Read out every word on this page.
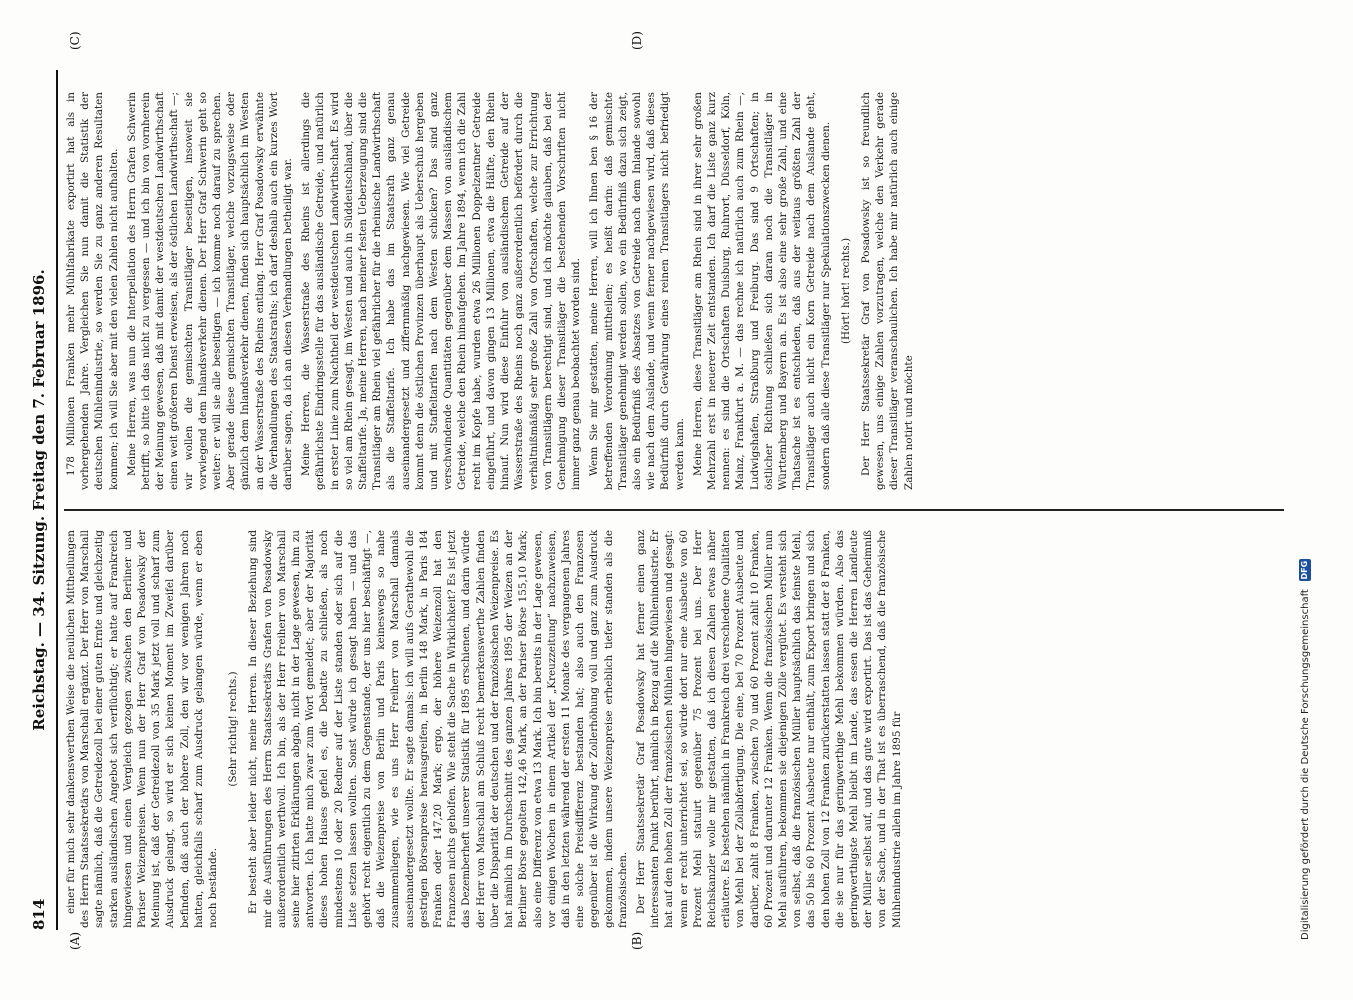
814
Reichstag. — 34. Sitzung. Freitag den 7. Februar 1896.
(A)	(B)
(C)	(D)

einer für mich sehr dankenswerthen Weise die neulichen Mittheilungen des Herrn Staatssekretärs von Marschall ergänzt. Der Herr von Marschall sagte nämlich, daß die Getreidezoll bei einer guten Ernte und gleichzeitig starken ausländischen Angebot sich verflüchtigt; er hatte auf Frankreich hingewiesen und einen Vergleich gezogen zwischen den Berliner und Pariser Weizenpreisen. Wenn nun der Herr Graf von Posadowsky der Meinung ist, daß der Getreidezoll von 35 Mark jetzt voll und scharf zum Ausdruck gelangt, so wird er sich keinen Moment im Zweifel darüber befinden, daß auch der höhere Zoll, den wir vor wenigen Jahren noch hatten, gleichfalls scharf zum Ausdruck gelangen würde, wenn er eben noch bestände.

(Sehr richtig! rechts.) Er besteht aber leider nicht, meine Herren. In dieser Beziehung sind mir die Ausführungen des Herrn Staatssekretärs Grafen von Posadowsky außerordentlich werthvoll. Ich bin, als der Herr Freiherr von Marschall seine hier zitirten Erklärungen abgab, nicht in der Lage gewesen, ihm zu antworten. Ich hatte mich zwar zum Wort gemeldet; aber der Majorität dieses hohen Hauses gefiel es, die Debatte zu schließen, als noch mindestens 10 oder 20 Redner auf der Liste standen oder sich auf die Liste setzen lassen wollten. Sonst würde ich gesagt haben — und das gehört recht eigentlich zu dem Gegenstande, der uns hier beschäftigt —, daß die Weizenpreise von Berlin und Paris keineswegs so nahe zusammenliegen, wie es uns Herr Freiherr von Marschall damals auseinandergesetzt wollte. Er sagte damals: ich will aufs Gerathewohl die gestrigen Börsenpreise herausgreifen, in Berlin 148 Mark, in Paris 184 Franken oder 147,20 Mark; ergo, der höhere Weizenzoll hat den Franzosen nichts geholfen. Wie steht die Sache in Wirklichkeit? Es ist jetzt das Dezemberheft unserer Statistik für 1895 erschienen, und darin würde der Herr von Marschall am Schluß recht bemerkenswerthe Zahlen finden über die Disparität der deutschen und der französischen Weizenpreise. Es hat nämlich im Durchschnitt des ganzen Jahres 1895 der Weizen an der Berliner Börse gegolten 142,46 Mark, an der Pariser Börse 155,10 Mark; also eine Differenz von etwa 13 Mark. Ich bin bereits in der Lage gewesen, vor einigen Wochen in einem Artikel der „Kreuzzeitung“ nachzuweisen, daß in den letzten während der ersten 11 Monate des vergangenen Jahres eine solche Preisdifferenz bestanden hat; also auch den Franzosen gegenüber ist die Wirkung der Zollerhöhung voll und ganz zum Ausdruck gekommen, indem unsere Weizenpreise erheblich tiefer standen als die französischen. Der Herr Staatssekretär Graf Posadowsky hat ferner einen ganz interessanten Punkt berührt, nämlich in Bezug auf die Mühlenindustrie. Er hat auf den hohen Zoll der französischen Mühlen hingewiesen und gesagt: wenn er recht unterrichtet sei, so würde dort nur eine Ausbeute von 60 Prozent Mehl statuirt gegenüber 75 Prozent bei uns. Der Herr Reichskanzler wolle mir gestatten, daß ich diesen Zahlen etwas näher erläutere. Es bestehen nämlich in Frankreich drei verschiedene Qualitäten von Mehl bei der Zollabfertigung. Die eine, bei 70 Prozent Ausbeute und darüber, zahlt 8 Franken, zwischen 70 und 60 Prozent zahlt 10 Franken, 60 Prozent und darunter 12 Franken. Wenn die französischen Müller nun Mehl ausführen, bekommen sie diejenigen Zölle vergütet. Es versteht sich von selbst, daß die französischen Müller hauptsächlich das feinste Mehl, das 50 bis 60 Prozent Ausbeute nur enthält, zum Export bringen und sich den hohen Zoll von 12 Franken zurückerstatten lassen statt der 8 Franken, die sie nur für das geringwerthige Mehl bekommen würden. Also das geringwerthigste Mehl bleibt im Lande, das essen die Herren Landleute der Müller selbst auf, und das gute wird exportirt. Das ist das Geheimniß von der Sache, und in der That ist es überraschend, daß die französische Mühlenindustrie allein im Jahre 1895 für

178 Millionen Franken mehr Mühlfabrikate exportirt hat als in vorhergehenden Jahre. Vergleichen Sie nun damit die Statistik der deutschen Mühlenindustrie, so werden Sie zu ganz anderen Resultaten kommen; ich will Sie aber mit den vielen Zahlen nicht aufhalten. Meine Herren, was nun die Interpellation des Herrn Grafen Schwerin betrifft, so bitte ich das nicht zu vergessen — und ich bin von vornherein der Meinung gewesen, daß mit damit der westdeutschen Landwirthschaft einen weit größeren Dienst erweisen, als der östlichen Landwirthschaft —; wir wollen die gemischten Transitläger beseitigen, insoweit sie vorwiegend dem Inlandsverkehr dienen. Der Herr Graf Schwerin geht so weiter: er will sie alle beseitigen — ich komme noch darauf zu sprechen. Aber gerade diese gemischten Transitläger, welche vorzugsweise oder gänzlich dem Inlandsverkehr dienen, finden sich hauptsächlich im Westen an der Wasserstraße des Rheins entlang. Herr Graf Posadowsky erwähnte die Verhandlungen des Staatsraths; ich darf deshalb auch ein kurzes Wort darüber sagen, da ich an diesen Verhandlungen betheiligt war. Meine Herren, die Wasserstraße des Rheins ist allerdings die gefährlichste Eindringsstelle für das ausländische Getreide, und natürlich in erster Linie zum Nachtheil der westdeutschen Landwirthschaft. Es wird so viel am Rhein gesagt, im Westen und auch in Süddeutschland, über die Staffeltarife. Ja, meine Herren, nach meiner festen Ueberzeugung sind die Transitläger am Rhein viel gefährlicher für die rheinische Landwirthschaft als die Staffeltarife. Ich habe das im Staatsrath ganz genau auseinandergesetzt und ziffernmäßig nachgewiesen. Wie viel Getreide kommt denn die östlichen Provinzen überhaupt als Ueberschuß hergeben und mit Staffeltarifen nach dem Westen schicken? Das sind ganz verschwindende Quantitäten gegenüber dem Massen von ausländischem Getreide, welche den Rhein hinaufgehen. Im Jahre 1894, wenn ich die Zahl recht im Kopfe habe, wurden etwa 26 Millionen Doppelzentner Getreide eingeführt, und davon gingen 13 Millionen, etwa die Hälfte, den Rhein hinauf. Nun wird diese Einfuhr von ausländischem Getreide auf der Wasserstraße des Rheins noch ganz außerordentlich befördert durch die verhältnißmäßig sehr große Zahl von Ortschaften, welche zur Errichtung von Transitlägern berechtigt sind, und ich möchte glauben, daß bei der Genehmigung dieser Transitläger die bestehenden Vorschriften nicht immer ganz genau beobachtet worden sind. Wenn Sie mir gestatten, meine Herren, will ich Ihnen ben § 16 der betreffenden Verordnung mittheilen; es heißt darin: daß gemischte Transitläger genehmigt werden sollen, wo ein Bedürfniß dazu sich zeigt, also ein Bedürfniß des Absatzes von Getreide nach dem Inlande sowohl wie nach dem Auslande, und wenn ferner nachgewiesen wird, daß dieses Bedürfniß durch Gewährung eines reinen Transitlagers nicht befriedigt werden kann. Meine Herren, diese Transitläger am Rhein sind in ihrer sehr großen Mehrzahl erst in neuerer Zeit entstanden. Ich darf die Liste ganz kurz nennen: es sind die Ortschaften Duisburg, Ruhrort, Düsseldorf, Köln, Mainz, Frankfurt a. M. — das rechne ich natürlich auch zum Rhein —, Ludwigshafen, Straßburg und Freiburg. Das sind 9 Ortschaften; in östlicher Richtung schließen sich daran noch die Transitläger in Württemberg und Bayern an. Es ist also eine sehr große Zahl, und eine Thatsache ist es entschieden, daß aus der weitaus größten Zahl der Transitläger auch nicht ein Korn Getreide nach dem Auslande geht, sondern daß alle diese Transitläger nur Spekulationszwecken dienen. (Hört! hört! rechts.) Der Herr Staatssekretär Graf von Posadowsky ist so freundlich gewesen, uns einige Zahlen vorzutragen, welche den Verkehr gerade dieser Transitläger veranschaulichen. Ich habe mir natürlich auch einige Zahlen notirt und möchte

Digitalisierung gefördert durch die Deutsche Forschungsgemeinschaft
DFG
